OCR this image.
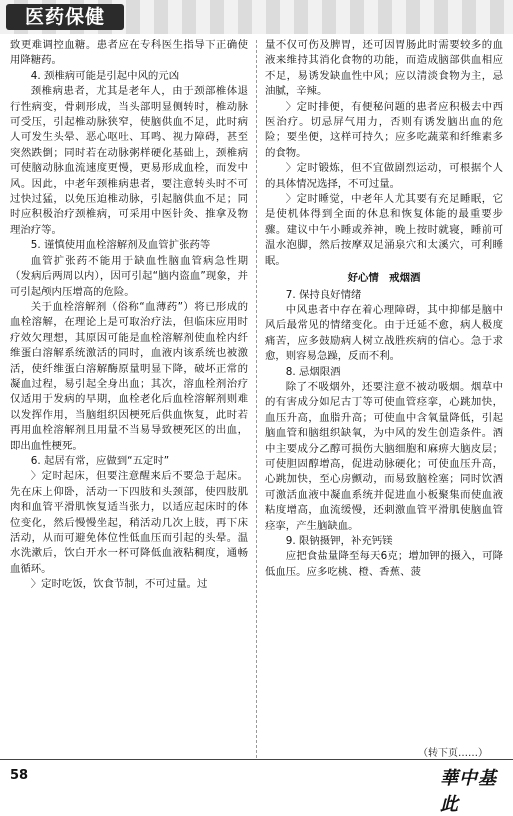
医药保健

致更难调控血糖。患者应在专科医生指导下正确使用降糖药。

4. 颈椎病可能是引起中风的元凶

颈椎病患者，尤其是老年人，由于颈部椎体退行性病变，骨刺形成，当头部明显侧转时，椎动脉可受压，引起椎动脉狭窄，使脑供血不足，此时病人可发生头晕、恶心呕吐、耳鸣、视力障碍，甚至突然跌倒；同时若在动脉粥样硬化基础上，颈椎病可使脑动脉血流速度更慢，更易形成血栓，而发中风。因此，中老年颈椎病患者，要注意转头时不可过快过猛，以免压迫椎动脉，引起脑供血不足；同时应积极治疗颈椎病，可采用中医针灸、推拿及物理治疗等。

5. 谨慎使用血栓溶解剂及血管扩张药等

血管扩张药不能用于缺血性脑血管病急性期（发病后两周以内），因可引起“脑内盗血”现象，并可引起颅内压增高的危险。

关于血栓溶解剂（俗称“血薄药”）将已形成的血栓溶解，在理论上是可取治疗法，但临床应用时疗效欠理想，其原因可能是血栓溶解剂使血栓内纤维蛋白溶解系统激活的同时，血液内该系统也被激活，使纤维蛋白溶解酶原量明显下降，破坏正常的凝血过程，易引起全身出血；其次，溶血栓剂治疗仅适用于发病的早期，血栓老化后血栓溶解剂则难以发挥作用，当脑组织因梗死后供血恢复，此时若再用血栓溶解剂且用量不当易导致梗死区的出血，即出血性梗死。

6. 起居有常，应做到“五定时”

〉定时起床，但要注意醒来后不要急于起床。先在床上仰卧，活动一下四肢和头颈部，使四肢肌肉和血管平滑肌恢复适当张力，以适应起床时的体位变化，然后慢慢坐起，稍活动几次上肢，再下床活动，从而可避免体位性低血压而引起的头晕。温水洗漱后，饮白开水一杯可降低血液粘稠度，通畅血循环。

〉定时吃饭，饮食节制，不可过量。过

量不仅可伤及脾胃，还可因胃肠此时需要较多的血液来维持其消化食物的功能，而造成脑部供血相应不足，易诱发缺血性中风；应以清淡食物为主，忌油腻，辛辣。

〉定时排便，有便秘问题的患者应积极去中西医治疗。切忌屏气用力，否则有诱发脑出血的危险；要坐便，这样可持久；应多吃蔬菜和纤维素多的食物。

〉定时锻炼，但不宜做剧烈运动，可根据个人的具体情况选择，不可过量。

〉定时睡觉，中老年人尤其要有充足睡眠，它是使机体得到全面的休息和恢复体能的最重要步骤。建议中午小睡或养神，晚上按时就寝，睡前可温水泡脚，然后按摩双足涌泉穴和太溪穴，可利睡眠。

好心情　戒烟酒

7. 保持良好情绪

中风患者中存在着心理障碍，其中抑郁是脑中风后最常见的情绪变化。由于迁延不愈，病人极度痛苦，应多鼓励病人树立战胜疾病的信心。急于求愈，则容易急躁，反而不利。

8. 忌烟限酒

除了不吸烟外，还要注意不被动吸烟。烟草中的有害成分如尼古丁等可使血管痉挛，心跳加快，血压升高，血脂升高；可使血中含氧量降低，引起脑血管和脑组织缺氧，为中风的发生创造条件。酒中主要成分乙醇可损伤大脑细胞和麻痹大脑皮层；可使胆固醇增高，促进动脉硬化；可使血压升高，心跳加快，至心房颤动，而易致脑栓塞；同时饮酒可激活血液中凝血系统并促进血小板聚集而使血液粘度增高，血流缓慢，还刺激血管平滑肌使脑血管痉挛，产生脑缺血。

9. 限钠摄钾，补充钙镁

应把食盐量降至每天6克；增加钾的摄入，可降低血压。应多吃桃、橙、香蕉、菠

（转下页……）
58	華中基此
